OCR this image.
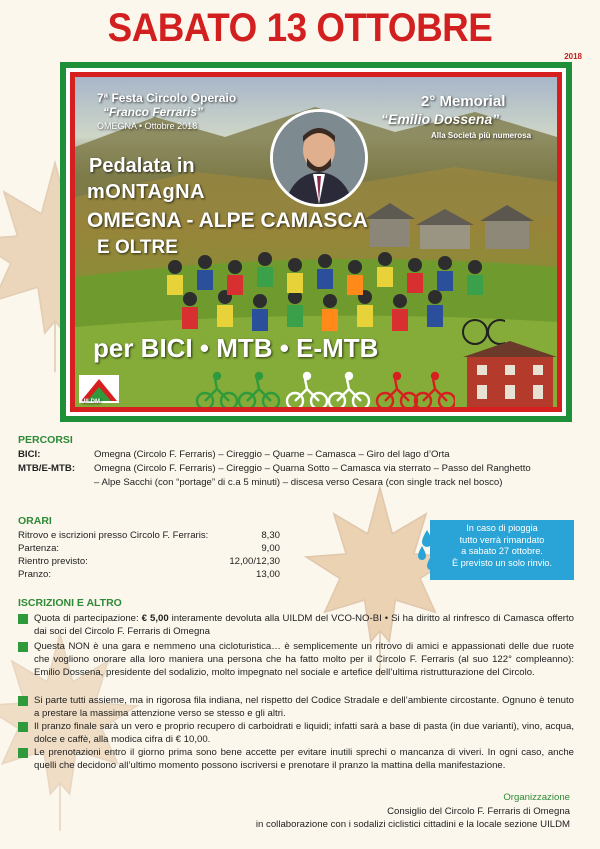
SABATO 13 OTTOBRE
2018
7ª Festa Circolo Operaio
“Franco Ferraris”
OMEGNA • Ottobre 2018
2° Memorial
“Emilio Dossena”
Alla Società più numerosa
Pedalata in
mONTAgNA
OMEGNA - ALPE CAMASCA
E OLTRE
per BICI • MTB • E-MTB
UILDM
PERCORSI
BICI:	Omegna (Circolo F. Ferraris) – Cireggio – Quarne – Camasca – Giro del lago d’Orta
MTB/E-MTB: Omegna (Circolo F. Ferraris) – Cireggio – Quarna Sotto – Camasca via sterrato – Passo del Ranghetto
– Alpe Sacchi (con “portage” di c.a 5 minuti) – discesa verso Cesara (con single track nel bosco)
ORARI
Ritrovo e iscrizioni presso Circolo F. Ferraris:	8,30
Partenza:	9,00
Rientro previsto:	12,00/12,30
Pranzo:	13,00
In caso di pioggia
tutto verrà rimandato
a sabato 27 ottobre.
È previsto un solo rinvio.
ISCRIZIONI E ALTRO
Quota di partecipazione: € 5,00 interamente devoluta alla UILDM del VCO-NO-BI • Si ha diritto al rinfresco di Camasca offerto dai soci del Circolo F. Ferraris di Omegna
Questa NON è una gara e nemmeno una cicloturistica… è semplicemente un ritrovo di amici e appassionati delle due ruote che vogliono onorare alla loro maniera una persona che ha fatto molto per il Circolo F. Ferraris (al suo 122° compleanno): Emilio Dossena, presidente del sodalizio, molto impegnato nel sociale e artefice dell’ultima ristrutturazione del Circolo.
Si parte tutti assieme, ma in rigorosa fila indiana, nel rispetto del Codice Stradale e dell’ambiente circostante. Ognuno è tenuto a prestare la massima attenzione verso se stesso e gli altri.
Il pranzo finale sarà un vero e proprio recupero di carboidrati e liquidi; infatti sarà a base di pasta (in due varianti), vino, acqua, dolce e caffè, alla modica cifra di € 10,00.
Le prenotazioni entro il giorno prima sono bene accette per evitare inutili sprechi o mancanza di viveri. In ogni caso, anche quelli che decidono all’ultimo momento possono iscriversi e prenotare il pranzo la mattina della manifestazione.
Organizzazione
Consiglio del Circolo F. Ferraris di Omegna
in collaborazione con i sodalizi ciclistici cittadini e la locale sezione UILDM
